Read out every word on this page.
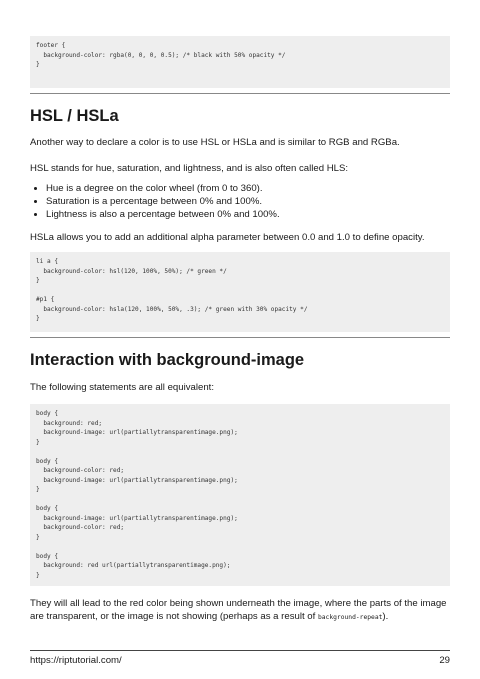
footer {
background-color: rgba(0, 0, 0, 0.5); /* black with 50% opacity */
}
HSL / HSLa

Another way to declare a color is to use HSL or HSLa and is similar to RGB and RGBa.

HSL stands for hue, saturation, and lightness, and is also often called HLS:

• Hue is a degree on the color wheel (from 0 to 360).
• Saturation is a percentage between 0% and 100%.
• Lightness is also a percentage between 0% and 100%.

HSLa allows you to add an additional alpha parameter between 0.0 and 1.0 to define opacity.

li a {
background-color: hsl(120, 100%, 50%); /* green */
}

#p1 {
background-color: hsla(120, 100%, 50%, .3); /* green with 30% opacity */
}
Interaction with background-image

The following statements are all equivalent:

body {
background: red;
background-image: url(partiallytransparentimage.png);
}

body {
background-color: red;
background-image: url(partiallytransparentimage.png);
}

body {
background-image: url(partiallytransparentimage.png);
background-color: red;
}

body {
background: red url(partiallytransparentimage.png);
}

They will all lead to the red color being shown underneath the image, where the parts of the image are transparent, or the image is not showing (perhaps as a result of background-repeat).

https://riptutorial.com/	29
